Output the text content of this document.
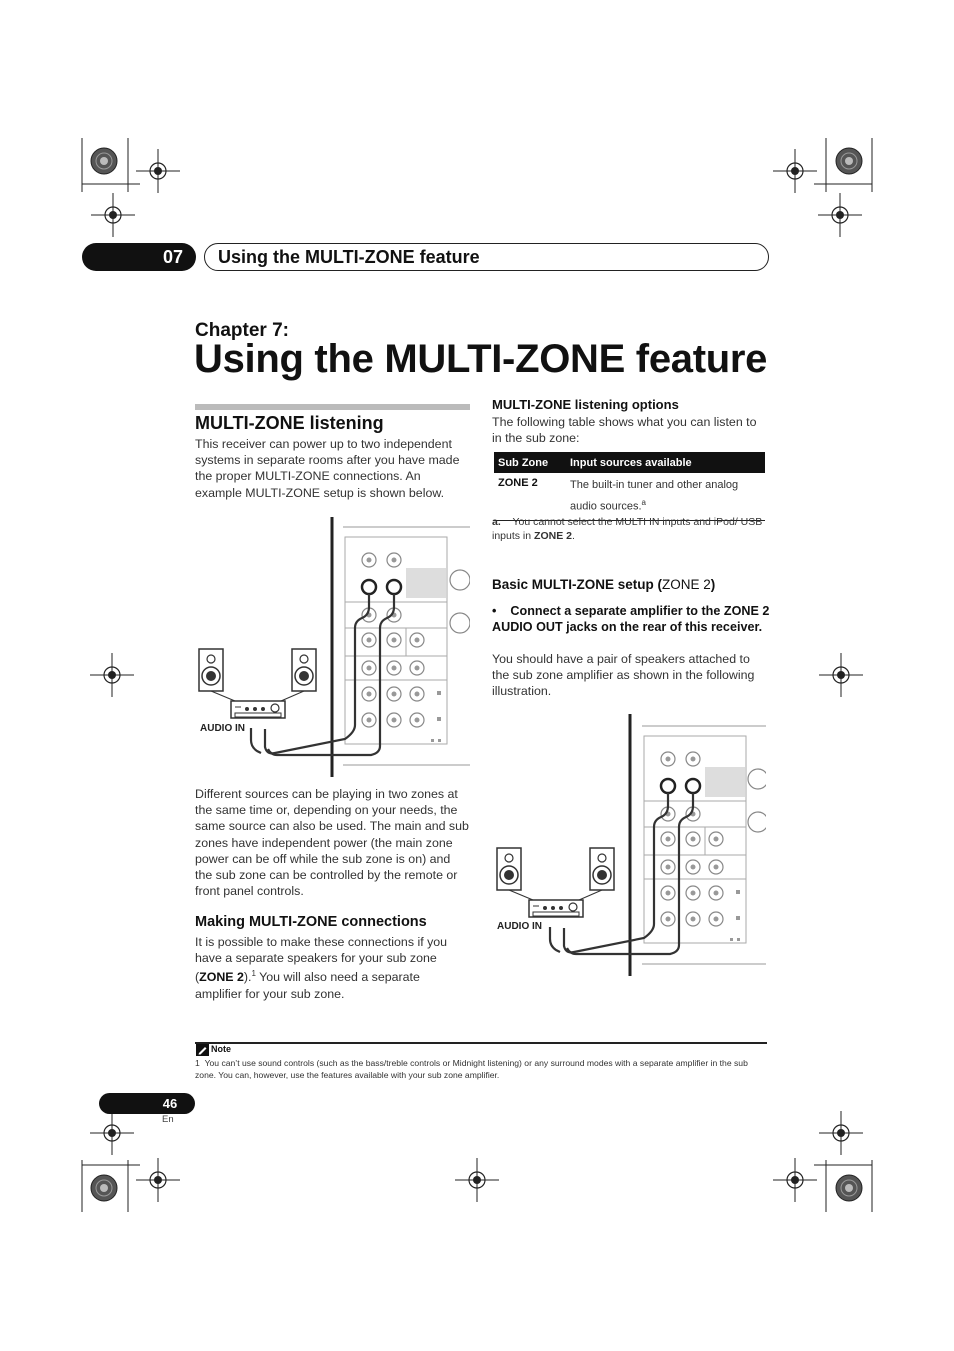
07	Using the MULTI-ZONE feature
Chapter 7:
Using the MULTI-ZONE feature
MULTI-ZONE listening
This receiver can power up to two independent systems in separate rooms after you have made the proper MULTI-ZONE connections. An example MULTI-ZONE setup is shown below.
AUDIO IN
Different sources can be playing in two zones at the same time or, depending on your needs, the same source can also be used. The main and sub zones have independent power (the main zone power can be off while the sub zone is on) and the sub zone can be controlled by the remote or front panel controls.
Making MULTI-ZONE connections
It is possible to make these connections if you have a separate speakers for your sub zone (ZONE 2).$^1$ You will also need a separate amplifier for your sub zone.
MULTI-ZONE listening options
The following table shows what you can listen to in the sub zone:
Sub Zone	Input sources available
ZONE 2	The built-in tuner and other analog audio sources.$^a$
a. You cannot select the MULTI IN inputs and iPod/ USB inputs in ZONE 2.
Basic MULTI-ZONE setup (ZONE 2)
• Connect a separate amplifier to the ZONE 2 AUDIO OUT jacks on the rear of this receiver.
You should have a pair of speakers attached to the sub zone amplifier as shown in the following illustration.
AUDIO IN
Note
1 You can’t use sound controls (such as the bass/treble controls or Midnight listening) or any surround modes with a separate amplifier in the sub zone. You can, however, use the features available with your sub zone amplifier.
46
En
